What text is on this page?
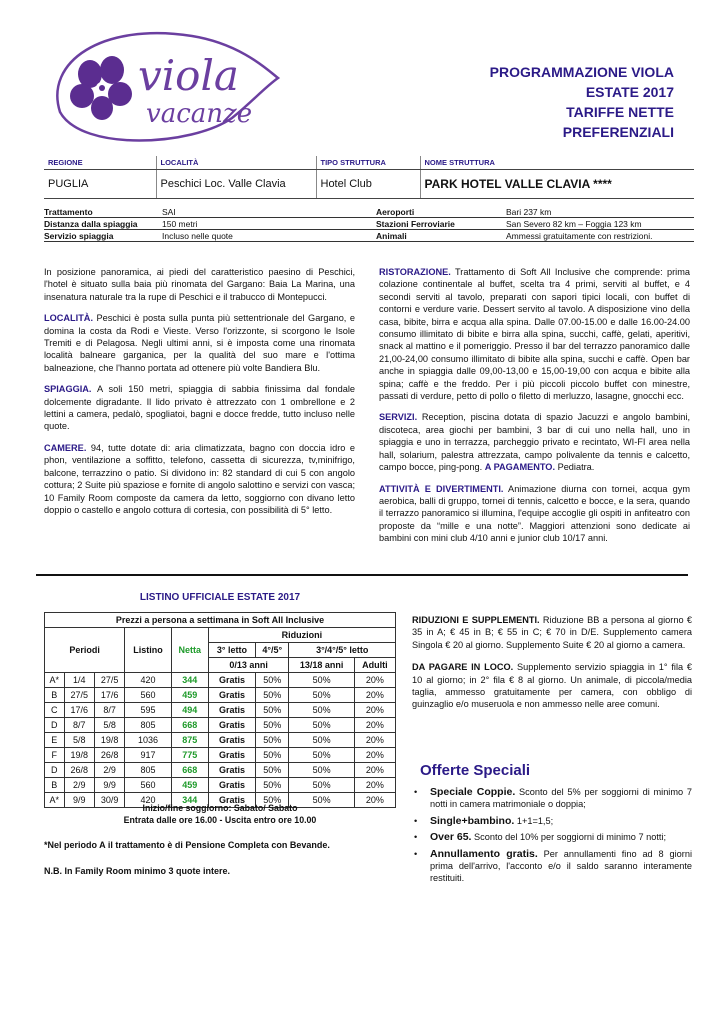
viola
vacanze
PROGRAMMAZIONE VIOLA
ESTATE 2017
TARIFFE NETTE
PREFERENZIALI
REGIONE	LOCALITÀ	TIPO STRUTTURA	NOME STRUTTURA
PUGLIA	Peschici Loc. Valle Clavia	Hotel Club	PARK HOTEL VALLE CLAVIA ****
Trattamento	SAI	Aeroporti	Bari 237 km
Distanza dalla spiaggia	150 metri	Stazioni Ferroviarie	San Severo 82 km – Foggia 123 km
Servizio spiaggia	Incluso nelle quote	Animali	Ammessi gratuitamente con restrizioni.

In posizione panoramica, ai piedi del caratteristico paesino di Peschici, l'hotel è situato sulla baia più rinomata del Gargano: Baia La Marina, una insenatura naturale tra la rupe di Peschici e il trabucco di Montepucci.

LOCALITÀ. Peschici è posta sulla punta più settentrionale del Gargano, e domina la costa da Rodi e Vieste. Verso l'orizzonte, si scorgono le Isole Tremiti e di Pelagosa. Negli ultimi anni, si è imposta come una rinomata località balneare garganica, per la qualità del suo mare e l'ottima balneazione, che l'hanno portata ad ottenere più volte Bandiera Blu.

SPIAGGIA. A soli 150 metri, spiaggia di sabbia finissima dal fondale dolcemente digradante. Il lido privato è attrezzato con 1 ombrellone e 2 lettini a camera, pedalò, spogliatoi, bagni e docce fredde, tutto incluso nelle quote.

CAMERE. 94, tutte dotate di: aria climatizzata, bagno con doccia idro e phon, ventilazione a soffitto, telefono, cassetta di sicurezza, tv,minifrigo, balcone, terrazzino o patio. Si dividono in: 82 standard di cui 5 con angolo cottura; 2 Suite più spaziose e fornite di angolo salottino e servizi con vasca; 10 Family Room composte da camera da letto, soggiorno con divano letto doppio o castello e angolo cottura di cortesia, con possibilità di 5° letto.

RISTORAZIONE. Trattamento di Soft All Inclusive che comprende: prima colazione continentale al buffet, scelta tra 4 primi, serviti al buffet, e 4 secondi serviti al tavolo, preparati con sapori tipici locali, con buffet di contorni e verdure varie. Dessert servito al tavolo. A disposizione vino della casa, bibite, birra e acqua alla spina. Dalle 07.00-15.00 e dalle 16.00-24.00 consumo illimitato di bibite e birra alla spina, succhi, caffè, gelati, aperitivi, snack al mattino e il pomeriggio. Presso il bar del terrazzo panoramico dalle 21,00-24,00 consumo illimitato di bibite alla spina, succhi e caffè. Open bar anche in spiaggia dalle 09,00-13,00 e 15,00-19,00 con acqua e bibite alla spina; caffè e the freddo. Per i più piccoli piccolo buffet con minestre, passati di verdure, petto di pollo o filetto di merluzzo, lasagne, gnocchi ecc.

SERVIZI. Reception, piscina dotata di spazio Jacuzzi e angolo bambini, discoteca, area giochi per bambini, 3 bar di cui uno nella hall, uno in spiaggia e uno in terrazza, parcheggio privato e recintato, WI-FI area nella hall, solarium, palestra attrezzata, campo polivalente da tennis e calcetto, campo bocce, ping-pong. A PAGAMENTO. Pediatra.

ATTIVITÀ E DIVERTIMENTI. Animazione diurna con tornei, acqua gym aerobica, balli di gruppo, tornei di tennis, calcetto e bocce, e la sera, quando il terrazzo panoramico si illumina, l'equipe accoglie gli ospiti in anfiteatro con proposte da “mille e una notte”. Maggiori attenzioni sono dedicate ai bambini con mini club 4/10 anni e junior club 10/17 anni.

LISTINO UFFICIALE ESTATE 2017
Prezzi a persona a settimana in Soft All Inclusive								
Periodi			Listino	Netta	Riduzioni			
					3° letto	4°/5°	3°/4°/5° letto	
					0/13 anni		13/18 anni	Adulti
A*	1/4	27/5	420	344	Gratis	50%	50%	20%
B	27/5	17/6	560	459	Gratis	50%	50%	20%
C	17/6	8/7	595	494	Gratis	50%	50%	20%
D	8/7	5/8	805	668	Gratis	50%	50%	20%
E	5/8	19/8	1036	875	Gratis	50%	50%	20%
F	19/8	26/8	917	775	Gratis	50%	50%	20%
D	26/8	2/9	805	668	Gratis	50%	50%	20%
B	2/9	9/9	560	459	Gratis	50%	50%	20%
A*	9/9	30/9	420	344	Gratis	50%	50%	20%
Inizio/fine soggiorno: Sabato/ Sabato
Entrata dalle ore 16.00 - Uscita entro ore 10.00
*Nel periodo A il trattamento è di Pensione Completa con Bevande.
N.B. In Family Room minimo 3 quote intere.

RIDUZIONI E SUPPLEMENTI. Riduzione BB a persona al giorno € 35 in A; € 45 in B; € 55 in C; € 70 in D/E. Supplemento camera Singola € 20 al giorno. Supplemento Suite € 20 al giorno a camera.

DA PAGARE IN LOCO. Supplemento servizio spiaggia in 1° fila € 10 al giorno; in 2° fila € 8 al giorno. Un animale, di piccola/media taglia, ammesso gratuitamente per camera, con obbligo di guinzaglio e/o museruola e non ammesso nelle aree comuni.

Offerte Speciali
• Speciale Coppie. Sconto del 5% per soggiorni di minimo 7 notti in camera matrimoniale o doppia;
• Single+bambino. 1+1=1,5;
• Over 65. Sconto del 10% per soggiorni di minimo 7 notti;
• Annullamento gratis. Per annullamenti fino ad 8 giorni prima dell'arrivo, l'acconto e/o il saldo saranno interamente restituiti.
